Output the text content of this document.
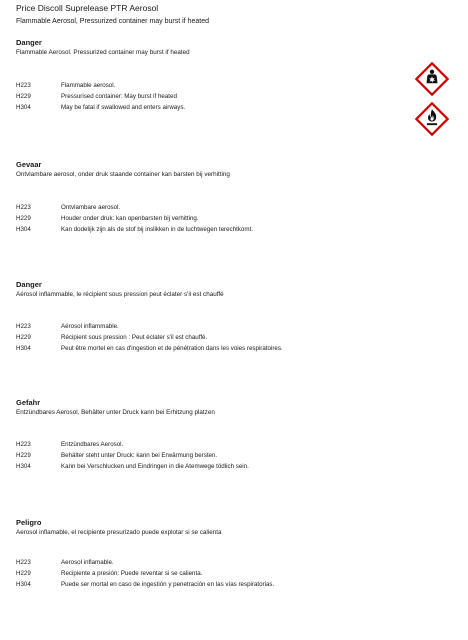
Price Discoll Suprelease PTR Aerosol
Flammable Aerosol, Pressurized container may burst if heated

Danger

Flammable Aerosol. Pressurized container may burst if heated

H223	Flammable aerosol.
H229	Pressurised container: May burst if heated
H304	May be fatal if swallowed and enters airways.

Gevaar

Ontvlambare aerosol, onder druk staande container kan barsten bij verhitting

H223	Ontvlambare aerosol.
H229	Houder onder druk: kan openbarsten bij verhitting.
H304	Kan dodelijk zijn als de stof bij inslikken in de luchtwegen terechtkomt.

Danger

Aérosol inflammable, le récipient sous pression peut éclater s'il est chauffé

H223	Aérosol inflammable.
H229	Récipient sous pression : Peut éclater s'il est chauffé.
H304	Peut être mortel en cas d'ingestion et de pénétration dans les voies respiratoires.

Gefahr

Entzündbares Aerosol, Behälter unter Druck kann bei Erhitzung platzen

H223	Entzündbares Aerosol.
H229	Behälter steht unter Druck: kann bei Erwärmung bersten.
H304	Kann bei Verschlucken und Eindringen in die Atemwege tödlich sein.

Peligro

Aerosol inflamable, el recipiente presurizado puede explotar si se calienta

H223	Aerosol inflamable.
H229	Recipiente a presión: Puede reventar si se calienta.
H304	Puede ser mortal en caso de ingestión y penetración en las vías respiratorias.
